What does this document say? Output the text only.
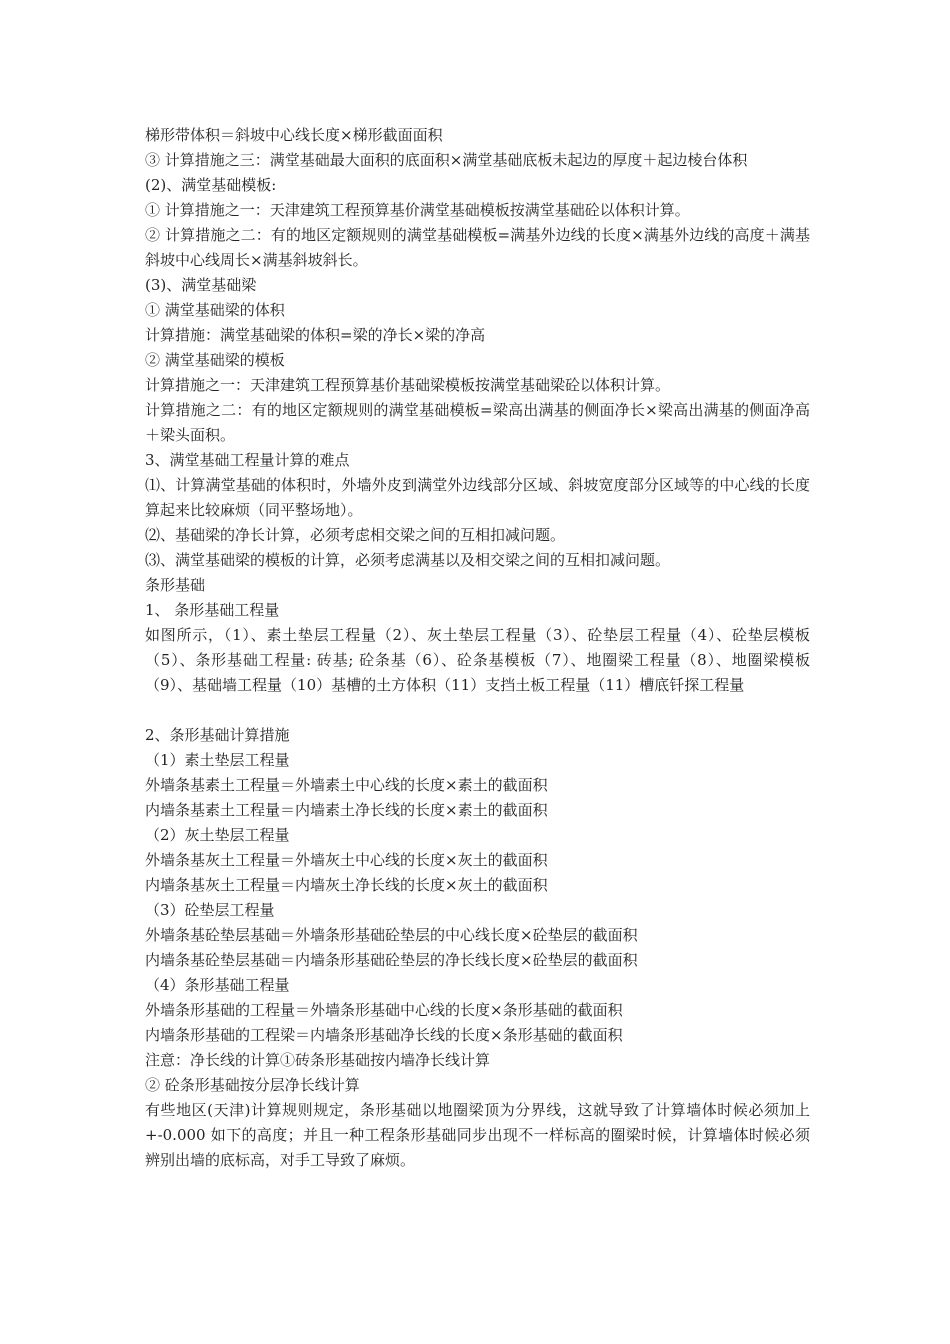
梯形带体积＝斜坡中心线长度×梯形截面面积
③ 计算措施之三：满堂基础最大面积的底面积×满堂基础底板未起边的厚度＋起边棱台体积
(2)、满堂基础模板:
① 计算措施之一：天津建筑工程预算基价满堂基础模板按满堂基础砼以体积计算。
② 计算措施之二：有的地区定额规则的满堂基础模板=满基外边线的长度×满基外边线的高度＋满基斜坡中心线周长×满基斜坡斜长。
(3)、满堂基础梁
① 满堂基础梁的体积
计算措施：满堂基础梁的体积=梁的净长×梁的净高
② 满堂基础梁的模板
计算措施之一：天津建筑工程预算基价基础梁模板按满堂基础梁砼以体积计算。
计算措施之二：有的地区定额规则的满堂基础模板=梁高出满基的侧面净长×梁高出满基的侧面净高＋梁头面积。
3、满堂基础工程量计算的难点
⑴、计算满堂基础的体积时，外墙外皮到满堂外边线部分区域、斜坡宽度部分区域等的中心线的长度算起来比较麻烦（同平整场地）。
⑵、基础梁的净长计算，必须考虑相交梁之间的互相扣减问题。
⑶、满堂基础梁的模板的计算，必须考虑满基以及相交梁之间的互相扣减问题。
条形基础
1、 条形基础工程量
如图所示，（1）、素土垫层工程量（2）、灰土垫层工程量（3）、砼垫层工程量（4）、砼垫层模板（5）、条形基础工程量: 砖基; 砼条基（6）、砼条基模板（7）、地圈梁工程量（8）、地圈梁模板（9）、基础墙工程量（10）基槽的土方体积（11）支挡土板工程量（11）槽底钎探工程量
2、条形基础计算措施
（1）素土垫层工程量
外墙条基素土工程量＝外墙素土中心线的长度×素土的截面积
内墙条基素土工程量＝内墙素土净长线的长度×素土的截面积
（2）灰土垫层工程量
外墙条基灰土工程量＝外墙灰土中心线的长度×灰土的截面积
内墙条基灰土工程量＝内墙灰土净长线的长度×灰土的截面积
（3）砼垫层工程量
外墙条基砼垫层基础＝外墙条形基础砼垫层的中心线长度×砼垫层的截面积
内墙条基砼垫层基础＝内墙条形基础砼垫层的净长线长度×砼垫层的截面积
（4）条形基础工程量
外墙条形基础的工程量＝外墙条形基础中心线的长度×条形基础的截面积
内墙条形基础的工程梁＝内墙条形基础净长线的长度×条形基础的截面积
注意：净长线的计算①砖条形基础按内墙净长线计算
② 砼条形基础按分层净长线计算
有些地区(天津)计算规则规定，条形基础以地圈梁顶为分界线，这就导致了计算墙体时候必须加上+-0.000 如下的高度；并且一种工程条形基础同步出现不一样标高的圈梁时候，计算墙体时候必须辨别出墙的底标高，对手工导致了麻烦。
